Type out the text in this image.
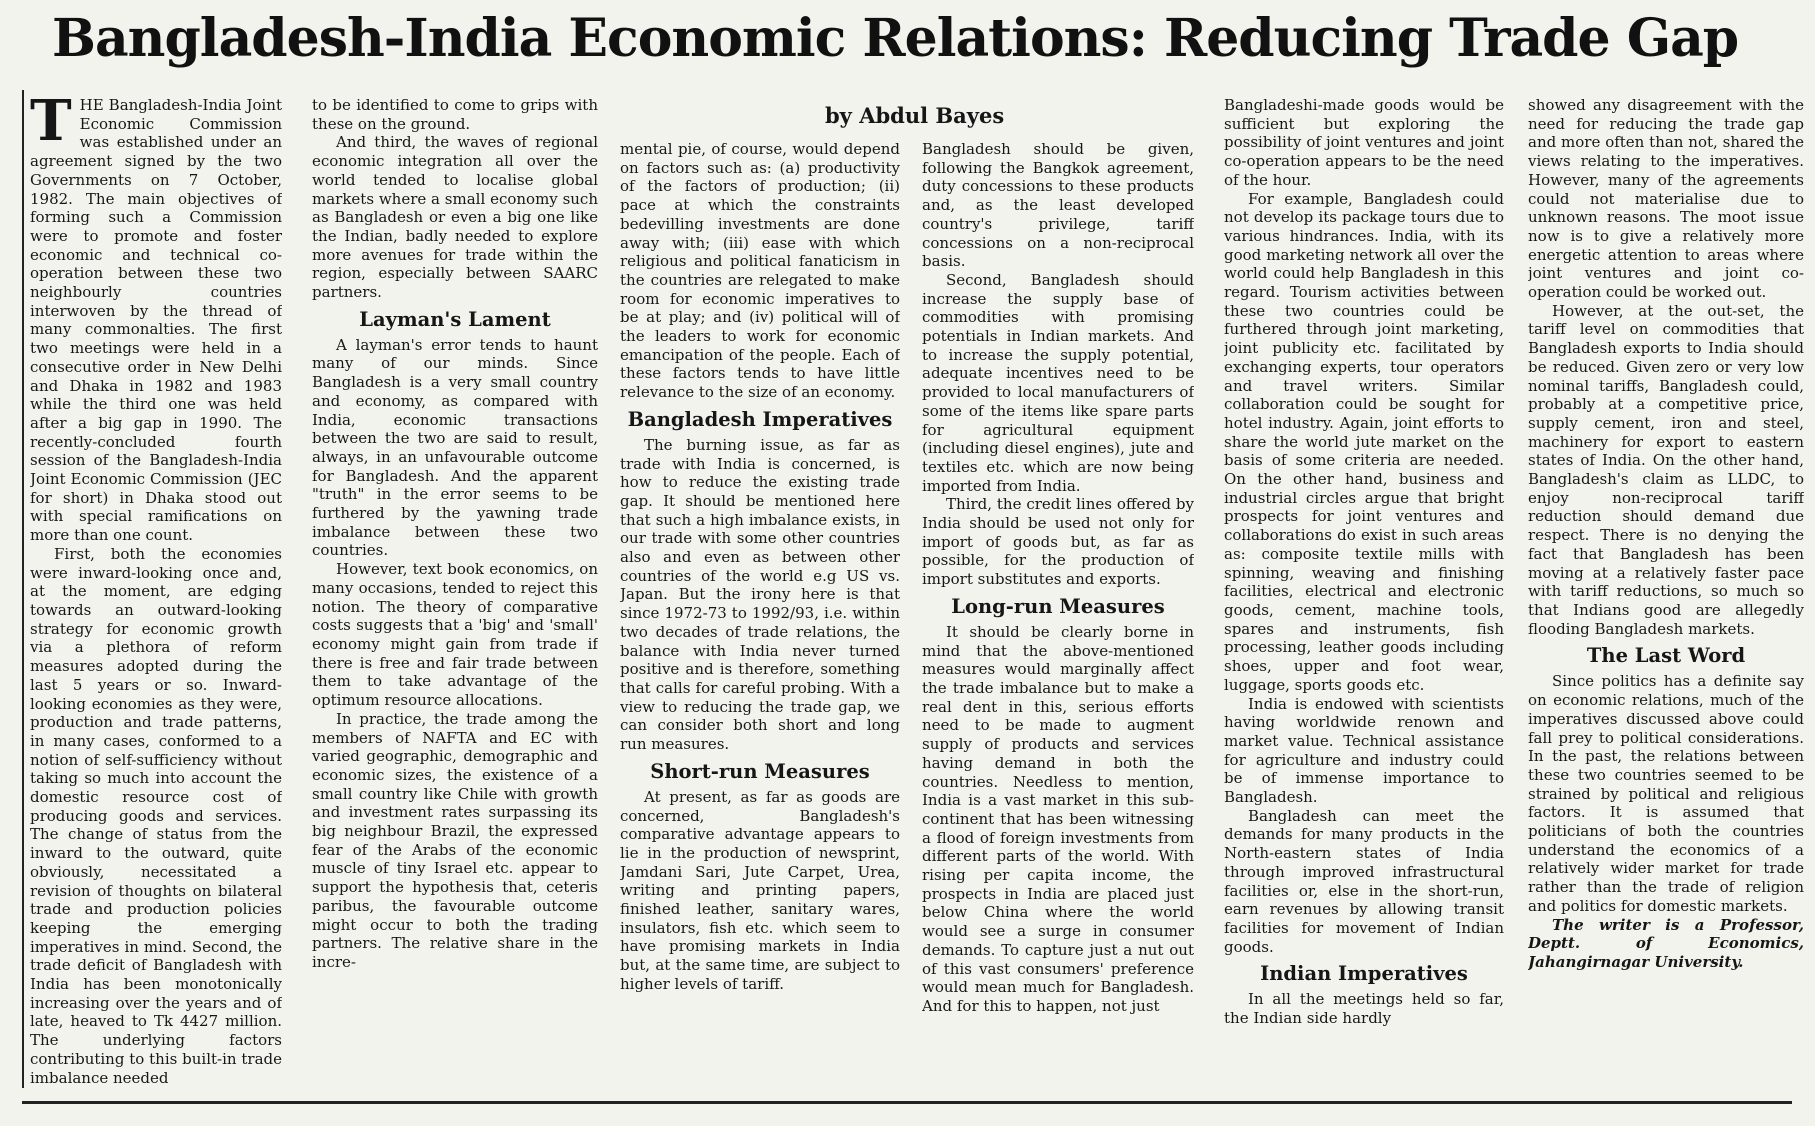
Bangladesh-India Economic Relations: Reducing Trade Gap
by Abdul Bayes

THE Bangladesh-India Joint Economic Commission was established under an agreement signed by the two Governments on 7 October, 1982. The main objectives of forming such a Commission were to promote and foster economic and technical co-operation between these two neighbourly countries interwoven by the thread of many commonalties. The first two meetings were held in a consecutive order in New Delhi and Dhaka in 1982 and 1983 while the third one was held after a big gap in 1990. The recently-concluded fourth session of the Bangladesh-India Joint Economic Commission (JEC for short) in Dhaka stood out with special ramifications on more than one count.

First, both the economies were inward-looking once and, at the moment, are edging towards an outward-looking strategy for economic growth via a plethora of reform measures adopted during the last 5 years or so. Inward-looking economies as they were, production and trade patterns, in many cases, conformed to a notion of self-sufficiency without taking so much into account the domestic resource cost of producing goods and services. The change of status from the inward to the outward, quite obviously, necessitated a revision of thoughts on bilateral trade and production policies keeping the emerging imperatives in mind. Second, the trade deficit of Bangladesh with India has been monotonically increasing over the years and of late, heaved to Tk 4427 million. The underlying factors contributing to this built-in trade imbalance needed

to be identified to come to grips with these on the ground.

And third, the waves of regional economic integration all over the world tended to localise global markets where a small economy such as Bangladesh or even a big one like the Indian, badly needed to explore more avenues for trade within the region, especially between SAARC partners.

Layman's Lament

A layman's error tends to haunt many of our minds. Since Bangladesh is a very small country and economy, as compared with India, economic transactions between the two are said to result, always, in an unfavourable outcome for Bangladesh. And the apparent "truth" in the error seems to be furthered by the yawning trade imbalance between these two countries.

However, text book economics, on many occasions, tended to reject this notion. The theory of comparative costs suggests that a 'big' and 'small' economy might gain from trade if there is free and fair trade between them to take advantage of the optimum resource allocations.

In practice, the trade among the members of NAFTA and EC with varied geographic, demographic and economic sizes, the existence of a small country like Chile with growth and investment rates surpassing its big neighbour Brazil, the expressed fear of the Arabs of the economic muscle of tiny Israel etc. appear to support the hypothesis that, ceteris paribus, the favourable outcome might occur to both the trading partners. The relative share in the incre-

mental pie, of course, would depend on factors such as: (a) productivity of the factors of production; (ii) pace at which the constraints bedevilling investments are done away with; (iii) ease with which religious and political fanaticism in the countries are relegated to make room for economic imperatives to be at play; and (iv) political will of the leaders to work for economic emancipation of the people. Each of these factors tends to have little relevance to the size of an economy.

Bangladesh Imperatives

The burning issue, as far as trade with India is concerned, is how to reduce the existing trade gap. It should be mentioned here that such a high imbalance exists, in our trade with some other countries also and even as between other countries of the world e.g US vs. Japan. But the irony here is that since 1972-73 to 1992/93, i.e. within two decades of trade relations, the balance with India never turned positive and is therefore, something that calls for careful probing. With a view to reducing the trade gap, we can consider both short and long run measures.

Short-run Measures

At present, as far as goods are concerned, Bangladesh's comparative advantage appears to lie in the production of newsprint, Jamdani Sari, Jute Carpet, Urea, writing and printing papers, finished leather, sanitary wares, insulators, fish etc. which seem to have promising markets in India but, at the same time, are subject to higher levels of tariff.

Bangladesh should be given, following the Bangkok agreement, duty concessions to these products and, as the least developed country's privilege, tariff concessions on a non-reciprocal basis.

Second, Bangladesh should increase the supply base of commodities with promising potentials in Indian markets. And to increase the supply potential, adequate incentives need to be provided to local manufacturers of some of the items like spare parts for agricultural equipment (including diesel engines), jute and textiles etc. which are now being imported from India.

Third, the credit lines offered by India should be used not only for import of goods but, as far as possible, for the production of import substitutes and exports.

Long-run Measures

It should be clearly borne in mind that the above-mentioned measures would marginally affect the trade imbalance but to make a real dent in this, serious efforts need to be made to augment supply of products and services having demand in both the countries. Needless to mention, India is a vast market in this sub-continent that has been witnessing a flood of foreign investments from different parts of the world. With rising per capita income, the prospects in India are placed just below China where the world would see a surge in consumer demands. To capture just a nut out of this vast consumers' preference would mean much for Bangladesh. And for this to happen, not just

Bangladeshi-made goods would be sufficient but exploring the possibility of joint ventures and joint co-operation appears to be the need of the hour.

For example, Bangladesh could not develop its package tours due to various hindrances. India, with its good marketing network all over the world could help Bangladesh in this regard. Tourism activities between these two countries could be furthered through joint marketing, joint publicity etc. facilitated by exchanging experts, tour operators and travel writers. Similar collaboration could be sought for hotel industry. Again, joint efforts to share the world jute market on the basis of some criteria are needed. On the other hand, business and industrial circles argue that bright prospects for joint ventures and collaborations do exist in such areas as: composite textile mills with spinning, weaving and finishing facilities, electrical and electronic goods, cement, machine tools, spares and instruments, fish processing, leather goods including shoes, upper and foot wear, luggage, sports goods etc.

India is endowed with scientists having worldwide renown and market value. Technical assistance for agriculture and industry could be of immense importance to Bangladesh.

Bangladesh can meet the demands for many products in the North-eastern states of India through improved infrastructural facilities or, else in the short-run, earn revenues by allowing transit facilities for movement of Indian goods.

Indian Imperatives

In all the meetings held so far, the Indian side hardly

showed any disagreement with the need for reducing the trade gap and more often than not, shared the views relating to the imperatives. However, many of the agreements could not materialise due to unknown reasons. The moot issue now is to give a relatively more energetic attention to areas where joint ventures and joint co-operation could be worked out.

However, at the out-set, the tariff level on commodities that Bangladesh exports to India should be reduced. Given zero or very low nominal tariffs, Bangladesh could, probably at a competitive price, supply cement, iron and steel, machinery for export to eastern states of India. On the other hand, Bangladesh's claim as LLDC, to enjoy non-reciprocal tariff reduction should demand due respect. There is no denying the fact that Bangladesh has been moving at a relatively faster pace with tariff reductions, so much so that Indians good are allegedly flooding Bangladesh markets.

The Last Word

Since politics has a definite say on economic relations, much of the imperatives discussed above could fall prey to political considerations. In the past, the relations between these two countries seemed to be strained by political and religious factors. It is assumed that politicians of both the countries understand the economics of a relatively wider market for trade rather than the trade of religion and politics for domestic markets.

The writer is a Professor, Deptt. of Economics, Jahangirnagar University.
